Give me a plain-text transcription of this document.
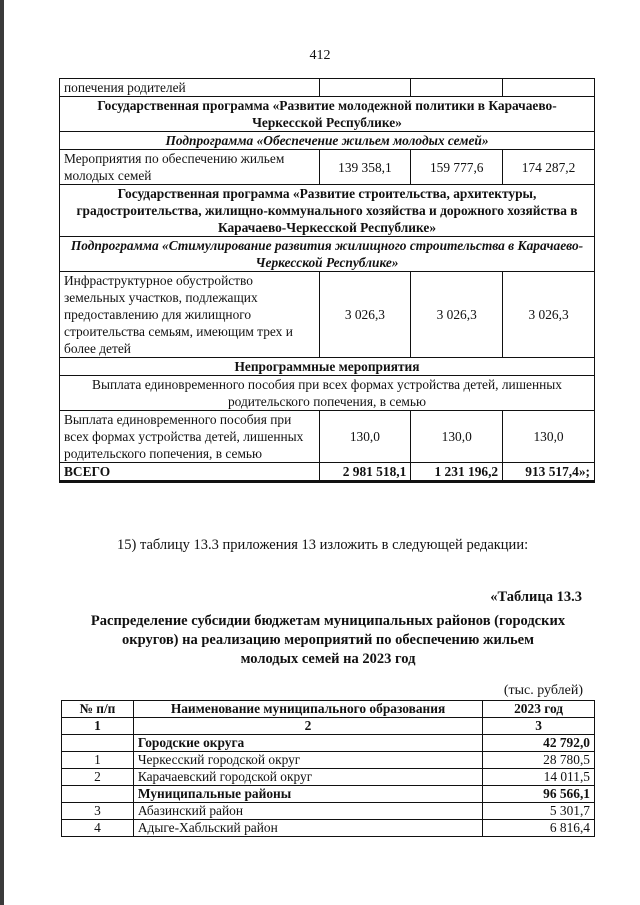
412
попечения родителей			
Государственная программа «Развитие молодежной политики в Карачаево-Черкесской Республике»			
Подпрограмма «Обеспечение жильем молодых семей»			
Мероприятия по обеспечению жильем молодых семей	139 358,1	159 777,6	174 287,2
Государственная программа «Развитие строительства, архитектуры, градостроительства, жилищно-коммунального хозяйства и дорожного хозяйства в Карачаево-Черкесской Республике»			
Подпрограмма «Стимулирование развития жилищного строительства в Карачаево-Черкесской Республике»			
Инфраструктурное обустройство земельных участков, подлежащих предоставлению для жилищного строительства семьям, имеющим трех и более детей	3 026,3	3 026,3	3 026,3
Непрограммные мероприятия			
Выплата единовременного пособия при всех формах устройства детей, лишенных родительского попечения, в семью			
Выплата единовременного пособия при всех формах устройства детей, лишенных родительского попечения, в семью	130,0	130,0	130,0
ВСЕГО	2 981 518,1	1 231 196,2	913 517,4»;
15) таблицу 13.3 приложения 13 изложить в следующей редакции:
«Таблица 13.3
Распределение субсидии бюджетам муниципальных районов (городских
округов) на реализацию мероприятий по обеспечению жильем
молодых семей на 2023 год
(тыс. рублей)
№ п/п	Наименование муниципального образования	2023 год
1	2	3
	Городские округа	42 792,0
1	Черкесский городской округ	28 780,5
2	Карачаевский городской округ	14 011,5
	Муниципальные районы	96 566,1
3	Абазинский район	5 301,7
4	Адыге-Хабльский район	6 816,4
